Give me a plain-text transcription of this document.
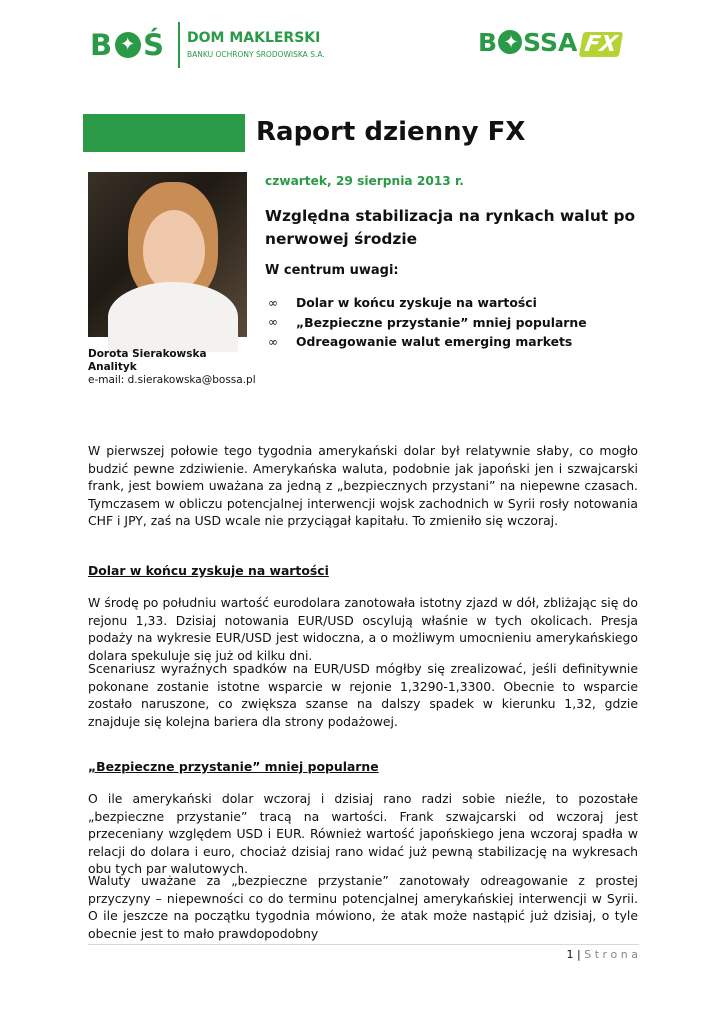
B ✦ Ś DOM MAKLERSKI
BANKU OCHRONY ŚRODOWISKA S.A.	B ✦ SSA FX
Raport dzienny FX
Dorota Sierakowska
Analityk
e-mail: d.sierakowska@bossa.pl
czwartek, 29 sierpnia 2013 r.
Względna stabilizacja na rynkach walut po nerwowej środzie
W centrum uwagi:
∞	Dolar w końcu zyskuje na wartości
∞	„Bezpieczne przystanie” mniej popularne
∞	Odreagowanie walut emerging markets
W pierwszej połowie tego tygodnia amerykański dolar był relatywnie słaby, co mogło budzić pewne zdziwienie. Amerykańska waluta, podobnie jak japoński jen i szwajcarski frank, jest bowiem uważana za jedną z „bezpiecznych przystani” na niepewne czasach. Tymczasem w obliczu potencjalnej interwencji wojsk zachodnich w Syrii rosły notowania CHF i JPY, zaś na USD wcale nie przyciągał kapitału. To zmieniło się wczoraj.
Dolar w końcu zyskuje na wartości
W środę po południu wartość eurodolara zanotowała istotny zjazd w dół, zbliżając się do rejonu 1,33. Dzisiaj notowania EUR/USD oscylują właśnie w tych okolicach. Presja podaży na wykresie EUR/USD jest widoczna, a o możliwym umocnieniu amerykańskiego dolara spekuluje się już od kilku dni.
Scenariusz wyraźnych spadków na EUR/USD mógłby się zrealizować, jeśli definitywnie pokonane zostanie istotne wsparcie w rejonie 1,3290-1,3300. Obecnie to wsparcie zostało naruszone, co zwiększa szanse na dalszy spadek w kierunku 1,32, gdzie znajduje się kolejna bariera dla strony podażowej.
„Bezpieczne przystanie” mniej popularne
O ile amerykański dolar wczoraj i dzisiaj rano radzi sobie nieźle, to pozostałe „bezpieczne przystanie” tracą na wartości. Frank szwajcarski od wczoraj jest przeceniany względem USD i EUR. Również wartość japońskiego jena wczoraj spadła w relacji do dolara i euro, chociaż dzisiaj rano widać już pewną stabilizację na wykresach obu tych par walutowych.
Waluty uważane za „bezpieczne przystanie” zanotowały odreagowanie z prostej przyczyny – niepewności co do terminu potencjalnej amerykańskiej interwencji w Syrii. O ile jeszcze na początku tygodnia mówiono, że atak może nastąpić już dzisiaj, o tyle obecnie jest to mało prawdopodobny
1 | S t r o n a
